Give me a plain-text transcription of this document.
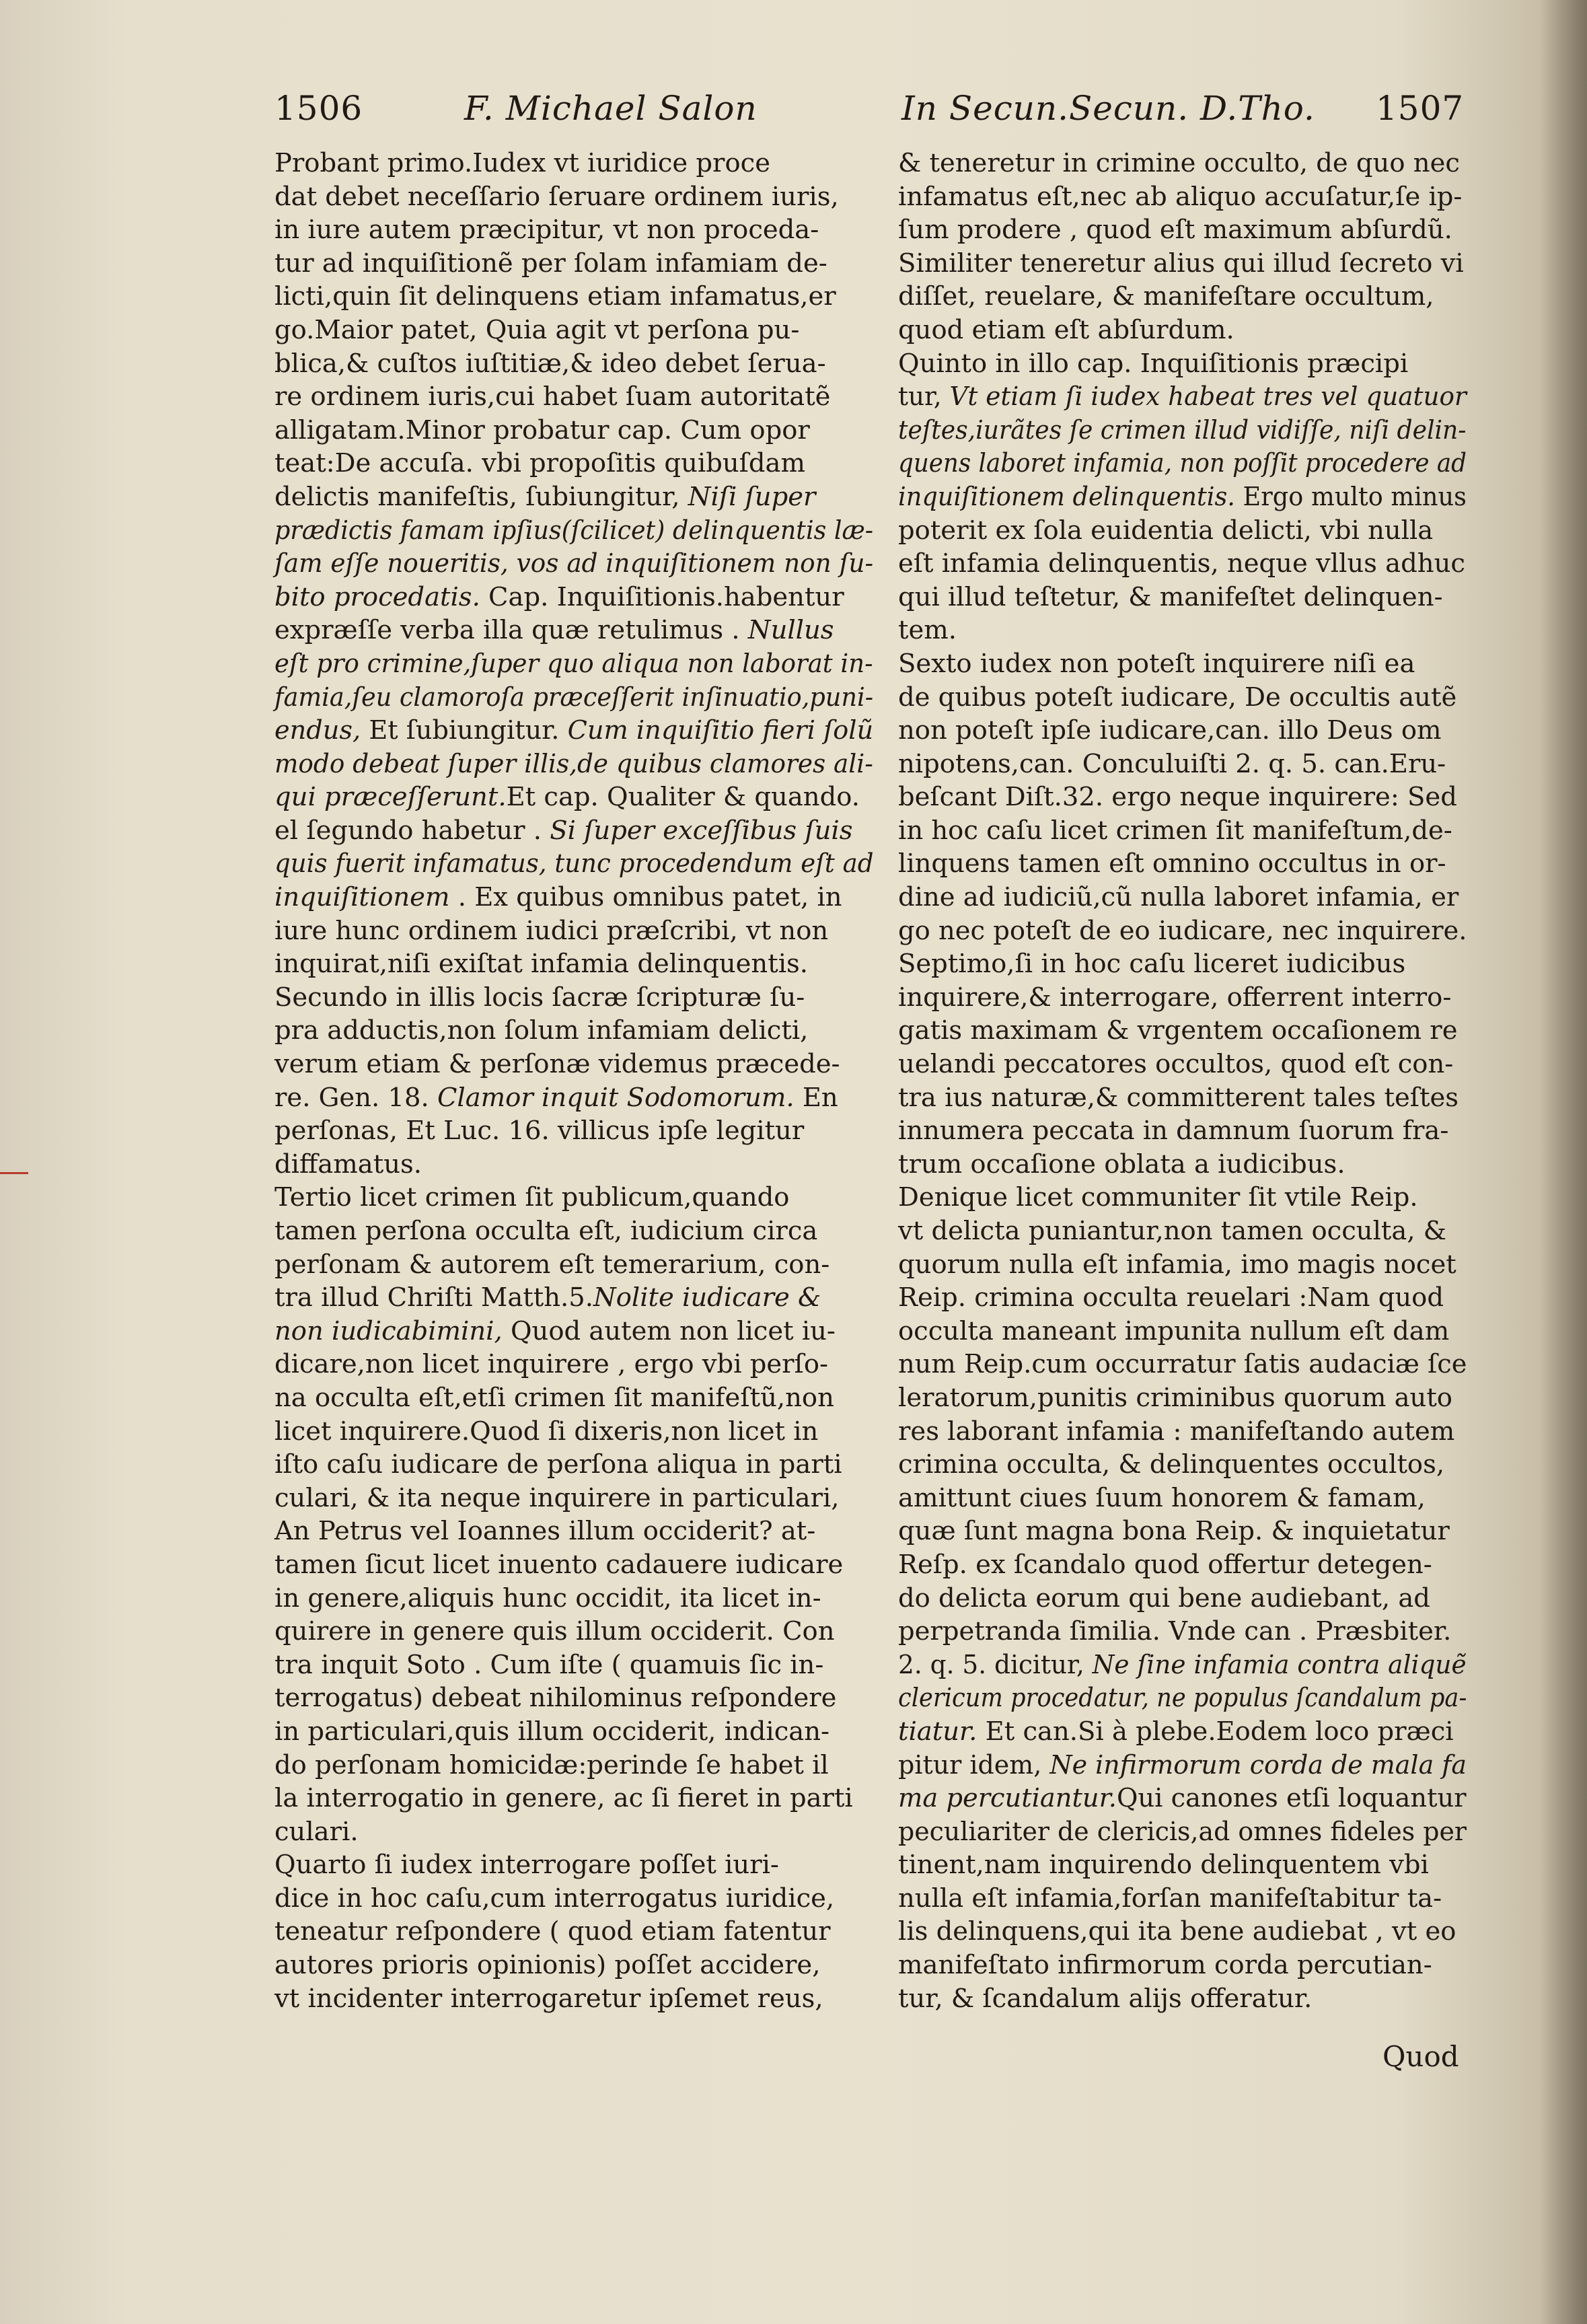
1506	F. Michael Salon	In Secun.Secun. D.Tho. 1507
Probant primo.Iudex vt iuridice proce
dat debet neceſſario ſeruare ordinem iuris,
in iure autem præcipitur, vt non proceda-
tur ad inquiſitionẽ per ſolam infamiam de-
licti,quin ſit delinquens etiam infamatus,er
go.Maior patet, Quia agit vt perſona pu-
blica,& cuſtos iuſtitiæ,& ideo debet ſerua-
re ordinem iuris,cui habet ſuam autoritatẽ
alligatam.Minor probatur cap. Cum opor
teat:De accuſa. vbi propoſitis quibuſdam
delictis manifeſtis, ſubiungitur, Niſi ſuper
prædictis famam ipſius(ſcilicet) delinquentis læ-
ſam eſſe noueritis, vos ad inquiſitionem non ſu-
bito procedatis. Cap. Inquiſitionis.habentur
expræſſe verba illa quæ retulimus . Nullus
eſt pro crimine,ſuper quo aliqua non laborat in-
famia,ſeu clamoroſa præceſſerit inſinuatio,puni-
endus, Et ſubiungitur. Cum inquiſitio fieri ſolũ
modo debeat ſuper illis,de quibus clamores ali-
qui præceſſerunt.Et cap. Qualiter & quando.
el ſegundo habetur . Si ſuper exceſſibus ſuis
quis fuerit infamatus, tunc procedendum eſt ad
inquiſitionem . Ex quibus omnibus patet, in
iure hunc ordinem iudici præſcribi, vt non
inquirat,niſi exiſtat infamia delinquentis.
Secundo in illis locis ſacræ ſcripturæ ſu-
pra adductis,non ſolum infamiam delicti,
verum etiam & perſonæ videmus præcede-
re. Gen. 18. Clamor inquit Sodomorum. En
perſonas, Et Luc. 16. villicus ipſe legitur
diffamatus.
Tertio licet crimen ſit publicum,quando
tamen perſona occulta eſt, iudicium circa
perſonam & autorem eſt temerarium, con-
tra illud Chriſti Matth.5.Nolite iudicare &
non iudicabimini, Quod autem non licet iu-
dicare,non licet inquirere , ergo vbi perſo-
na occulta eſt,etſi crimen ſit manifeſtũ,non
licet inquirere.Quod ſi dixeris,non licet in
iſto caſu iudicare de perſona aliqua in parti
culari, & ita neque inquirere in particulari,
An Petrus vel Ioannes illum occiderit? at-
tamen ſicut licet inuento cadauere iudicare
in genere,aliquis hunc occidit, ita licet in-
quirere in genere quis illum occiderit. Con
tra inquit Soto . Cum iſte ( quamuis ſic in-
terrogatus) debeat nihilominus reſpondere
in particulari,quis illum occiderit, indican-
do perſonam homicidæ:perinde ſe habet il
la interrogatio in genere, ac ſi fieret in parti
culari.
Quarto ſi iudex interrogare poſſet iuri-
dice in hoc caſu,cum interrogatus iuridice,
teneatur reſpondere ( quod etiam fatentur
autores prioris opinionis) poſſet accidere,
vt incidenter interrogaretur ipſemet reus,
& teneretur in crimine occulto, de quo nec
infamatus eſt,nec ab aliquo accuſatur,ſe ip-
ſum prodere , quod eſt maximum abſurdũ.
Similiter teneretur alius qui illud ſecreto vi
diſſet, reuelare, & manifeſtare occultum,
quod etiam eſt abſurdum.
Quinto in illo cap. Inquiſitionis præcipi
tur, Vt etiam ſi iudex habeat tres vel quatuor
teſtes,iurãtes ſe crimen illud vidiſſe, niſi delin-
quens laboret infamia, non poſſit procedere ad
inquiſitionem delinquentis. Ergo multo minus
poterit ex ſola euidentia delicti, vbi nulla
eſt infamia delinquentis, neque vllus adhuc
qui illud teſtetur, & manifeſtet delinquen-
tem.
Sexto iudex non poteſt inquirere niſi ea
de quibus poteſt iudicare, De occultis autẽ
non poteſt ipſe iudicare,can. illo Deus om
nipotens,can. Conculuiſti 2. q. 5. can.Eru-
beſcant Diſt.32. ergo neque inquirere: Sed
in hoc caſu licet crimen ſit manifeſtum,de-
linquens tamen eſt omnino occultus in or-
dine ad iudiciũ,cũ nulla laboret infamia, er
go nec poteſt de eo iudicare, nec inquirere.
Septimo,ſi in hoc caſu liceret iudicibus
inquirere,& interrogare, offerrent interro-
gatis maximam & vrgentem occaſionem re
uelandi peccatores occultos, quod eſt con-
tra ius naturæ,& committerent tales teſtes
innumera peccata in damnum ſuorum fra-
trum occaſione oblata a iudicibus.
Denique licet communiter ſit vtile Reip.
vt delicta puniantur,non tamen occulta, &
quorum nulla eſt infamia, imo magis nocet
Reip. crimina occulta reuelari :Nam quod
occulta maneant impunita nullum eſt dam
num Reip.cum occurratur ſatis audaciæ ſce
leratorum,punitis criminibus quorum auto
res laborant infamia : manifeſtando autem
crimina occulta, & delinquentes occultos,
amittunt ciues ſuum honorem & famam,
quæ ſunt magna bona Reip. & inquietatur
Reſp. ex ſcandalo quod offertur detegen-
do delicta eorum qui bene audiebant, ad
perpetranda ſimilia. Vnde can . Præsbiter.
2. q. 5. dicitur, Ne ſine infamia contra aliquẽ
clericum procedatur, ne populus ſcandalum pa-
tiatur. Et can.Si à plebe.Eodem loco præci
pitur idem, Ne infirmorum corda de mala fa
ma percutiantur.Qui canones etſi loquantur
peculiariter de clericis,ad omnes fideles per
tinent,nam inquirendo delinquentem vbi
nulla eſt infamia,forſan manifeſtabitur ta-
lis delinquens,qui ita bene audiebat , vt eo
manifeſtato infirmorum corda percutian-
tur, & ſcandalum alijs offeratur.
Quod
